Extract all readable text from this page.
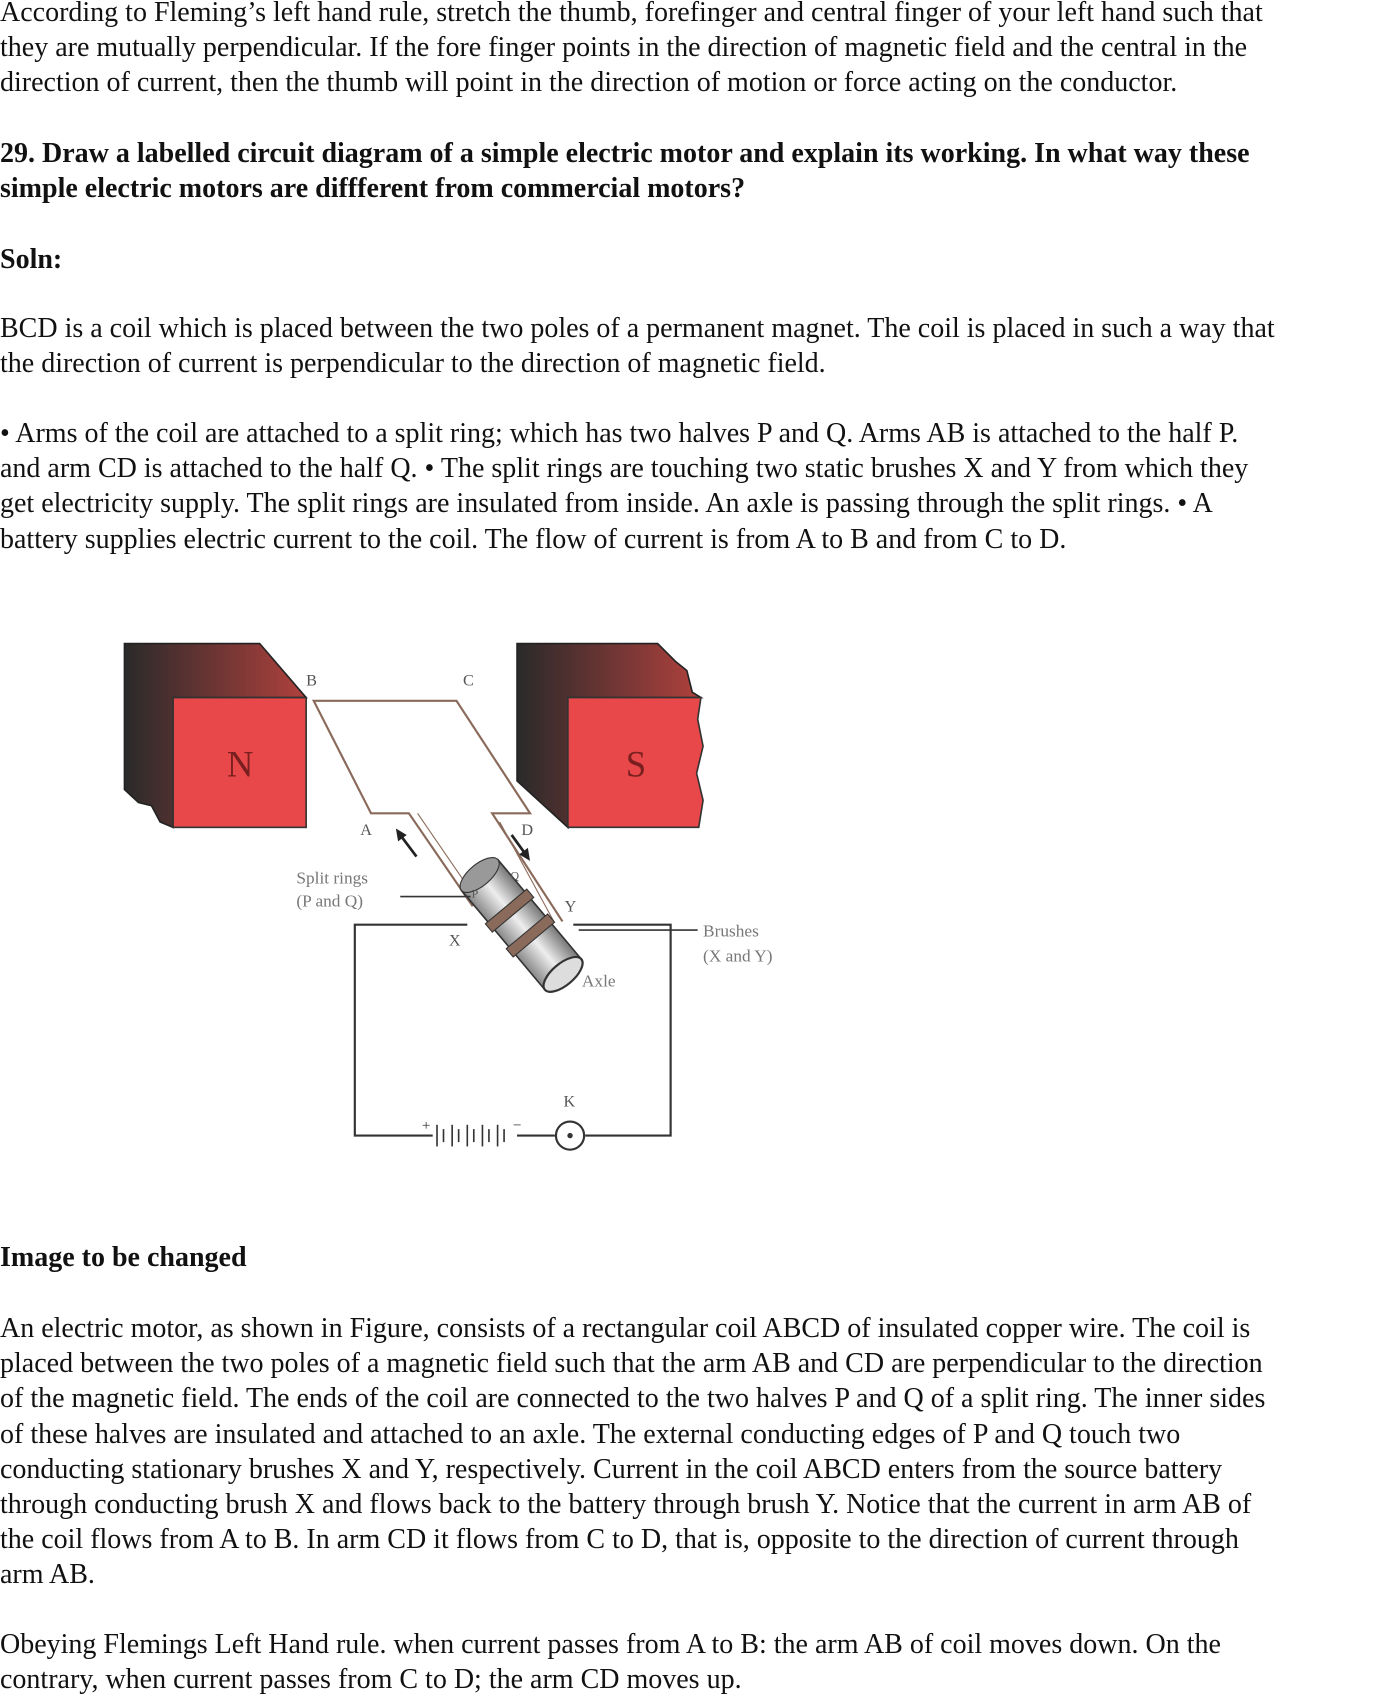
According to Fleming’s left hand rule, stretch the thumb, forefinger and central finger of your left hand such that
they are mutually perpendicular. If the fore finger points in the direction of magnetic field and the central in the
direction of current, then the thumb will point in the direction of motion or force acting on the conductor.
29. Draw a labelled circuit diagram of a simple electric motor and explain its working. In what way these
simple electric motors are diffferent from commercial motors?
Soln:
BCD is a coil which is placed between the two poles of a permanent magnet. The coil is placed in such a way that
the direction of current is perpendicular to the direction of magnetic field.
• Arms of the coil are attached to a split ring; which has two halves P and Q. Arms AB is attached to the half P.
and arm CD is attached to the half Q. • The split rings are touching two static brushes X and Y from which they
get electricity supply. The split rings are insulated from inside. An axle is passing through the split rings. • A
battery supplies electric current to the coil. The flow of current is from A to B and from C to D.
N	S
B	C
A	D
P
Q
+	−
K
X
Y
Split rings
(P and Q)
Brushes
(X and Y)
Axle
Image to be changed
An electric motor, as shown in Figure, consists of a rectangular coil ABCD of insulated copper wire. The coil is
placed between the two poles of a magnetic field such that the arm AB and CD are perpendicular to the direction
of the magnetic field. The ends of the coil are connected to the two halves P and Q of a split ring. The inner sides
of these halves are insulated and attached to an axle. The external conducting edges of P and Q touch two
conducting stationary brushes X and Y, respectively. Current in the coil ABCD enters from the source battery
through conducting brush X and flows back to the battery through brush Y. Notice that the current in arm AB of
the coil flows from A to B. In arm CD it flows from C to D, that is, opposite to the direction of current through
arm AB.
Obeying Flemings Left Hand rule. when current passes from A to B: the arm AB of coil moves down. On the
contrary, when current passes from C to D; the arm CD moves up.
